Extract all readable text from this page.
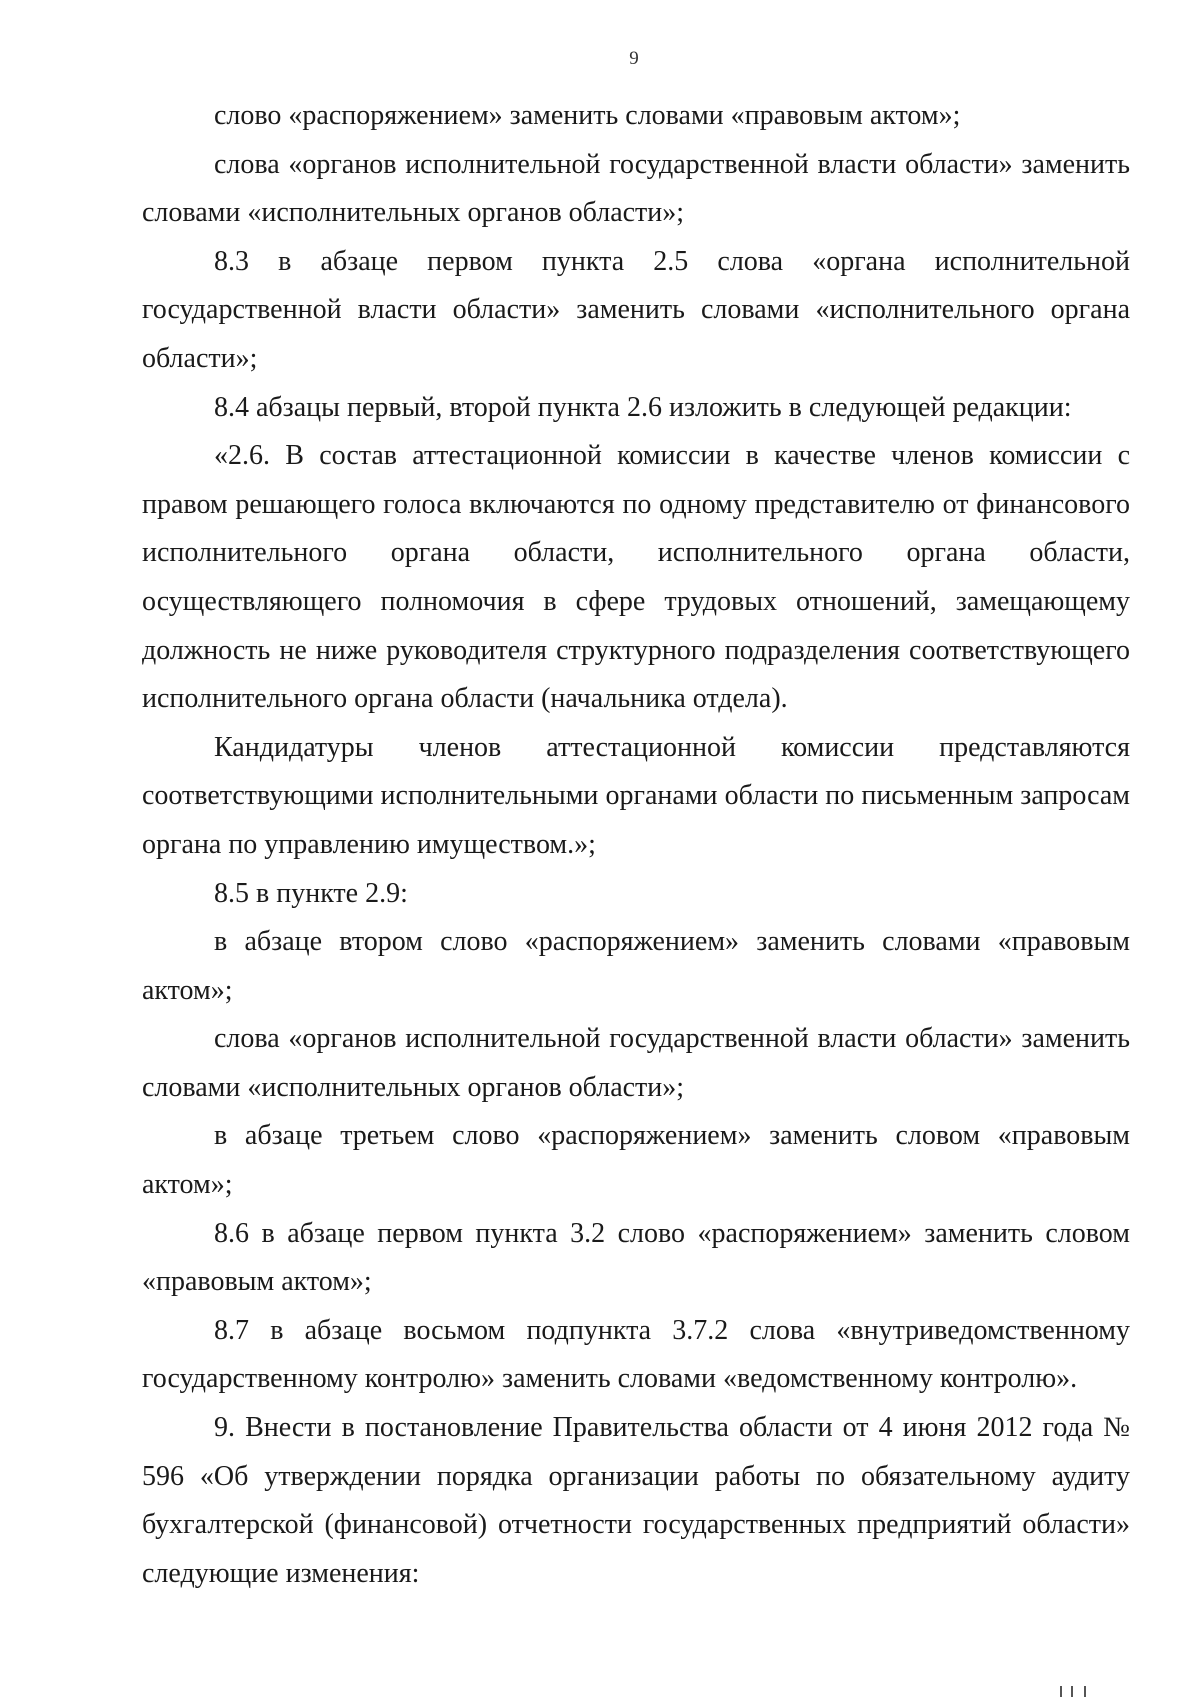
9

слово «распоряжением» заменить словами «правовым актом»;

слова «органов исполнительной государственной власти области» заменить словами «исполнительных органов области»;

8.3 в абзаце первом пункта 2.5 слова «органа исполнительной государственной власти области» заменить словами «исполнительного органа области»;

8.4 абзацы первый, второй пункта 2.6 изложить в следующей редакции:

«2.6. В состав аттестационной комиссии в качестве членов комиссии с правом решающего голоса включаются по одному представителю от финансового исполнительного органа области, исполнительного органа области, осуществляющего полномочия в сфере трудовых отношений, замещающему должность не ниже руководителя структурного подразделения соответствующего исполнительного органа области (начальника отдела).

Кандидатуры членов аттестационной комиссии представляются соответствующими исполнительными органами области по письменным запросам органа по управлению имуществом.»;

8.5 в пункте 2.9:

в абзаце втором слово «распоряжением» заменить словами «правовым актом»;

слова «органов исполнительной государственной власти области» заменить словами «исполнительных органов области»;

в абзаце третьем слово «распоряжением» заменить словом «правовым актом»;

8.6 в абзаце первом пункта 3.2 слово «распоряжением» заменить словом «правовым актом»;

8.7 в абзаце восьмом подпункта 3.7.2 слова «внутриведомственному государственному контролю» заменить словами «ведомственному контролю».

9. Внести в постановление Правительства области от 4 июня 2012 года № 596 «Об утверждении порядка организации работы по обязательному аудиту бухгалтерской (финансовой) отчетности государственных предприятий области» следующие изменения:
